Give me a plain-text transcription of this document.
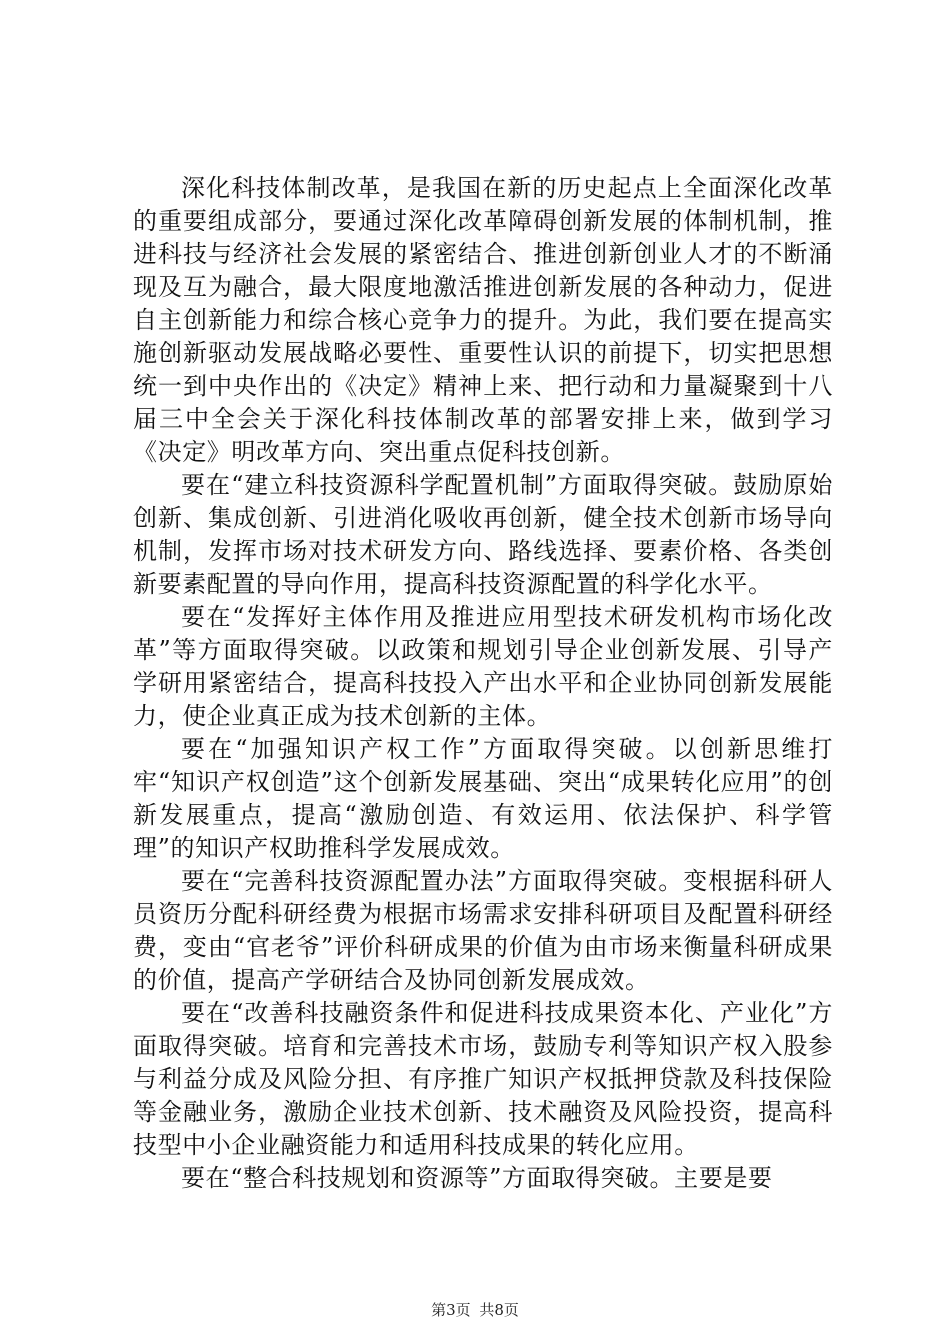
深化科技体制改革，是我国在新的历史起点上全面深化改革的重要组成部分，要通过深化改革障碍创新发展的体制机制，推进科技与经济社会发展的紧密结合、推进创新创业人才的不断涌现及互为融合，最大限度地激活推进创新发展的各种动力，促进自主创新能力和综合核心竞争力的提升。为此，我们要在提高实施创新驱动发展战略必要性、重要性认识的前提下，切实把思想统一到中央作出的《决定》精神上来、把行动和力量凝聚到十八届三中全会关于深化科技体制改革的部署安排上来，做到学习《决定》明改革方向、突出重点促科技创新。

要在“建立科技资源科学配置机制”方面取得突破。鼓励原始创新、集成创新、引进消化吸收再创新，健全技术创新市场导向机制，发挥市场对技术研发方向、路线选择、要素价格、各类创新要素配置的导向作用，提高科技资源配置的科学化水平。

要在“发挥好主体作用及推进应用型技术研发机构市场化改革”等方面取得突破。以政策和规划引导企业创新发展、引导产学研用紧密结合，提高科技投入产出水平和企业协同创新发展能力，使企业真正成为技术创新的主体。

要在“加强知识产权工作”方面取得突破。以创新思维打牢“知识产权创造”这个创新发展基础、突出“成果转化应用”的创新发展重点，提高“激励创造、有效运用、依法保护、科学管理”的知识产权助推科学发展成效。

要在“完善科技资源配置办法”方面取得突破。变根据科研人员资历分配科研经费为根据市场需求安排科研项目及配置科研经费，变由“官老爷”评价科研成果的价值为由市场来衡量科研成果的价值，提高产学研结合及协同创新发展成效。

要在“改善科技融资条件和促进科技成果资本化、产业化”方面取得突破。培育和完善技术市场，鼓励专利等知识产权入股参与利益分成及风险分担、有序推广知识产权抵押贷款及科技保险等金融业务，激励企业技术创新、技术融资及风险投资，提高科技型中小企业融资能力和适用科技成果的转化应用。

要在“整合科技规划和资源等”方面取得突破。主要是要

第3页 共8页
